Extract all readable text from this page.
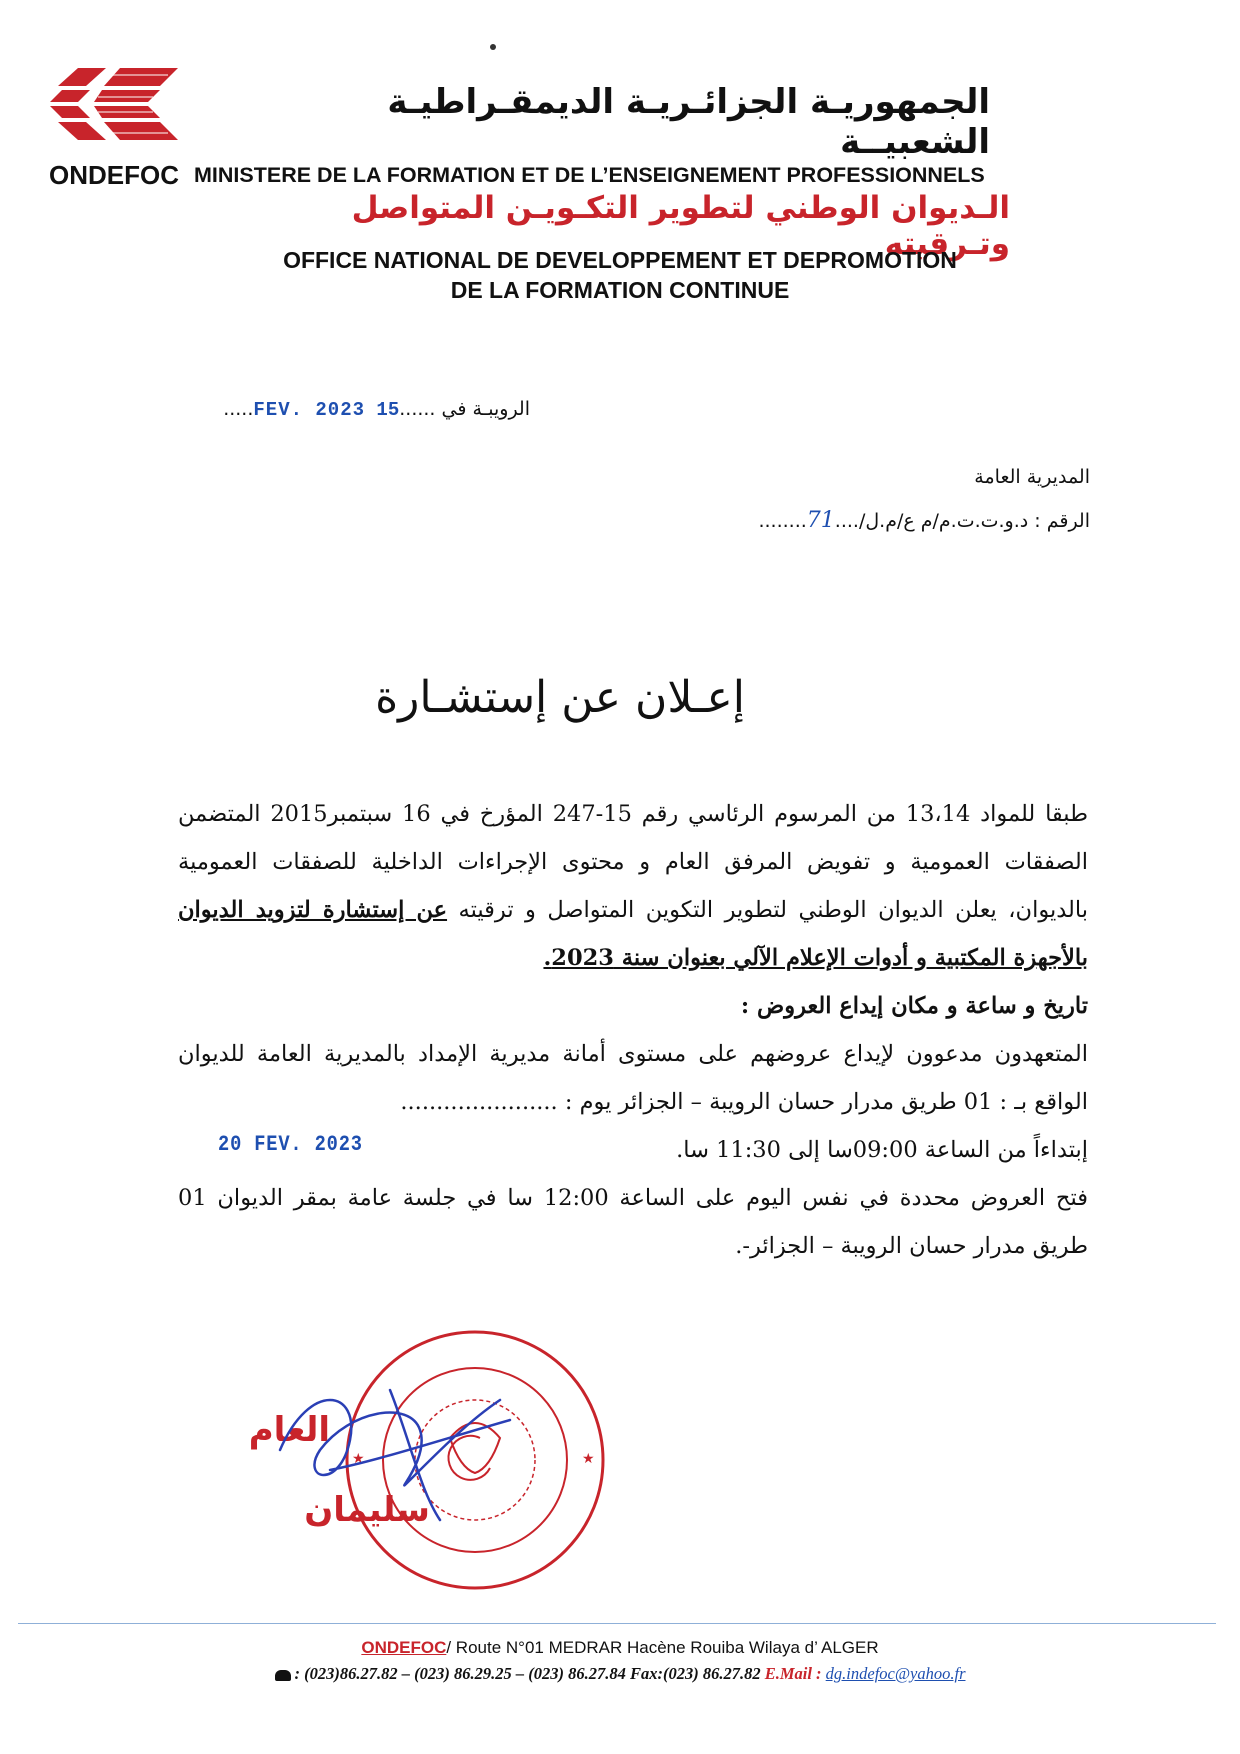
ONDEFOC
الجمهوريـة الجزائـريـة الديمقـراطيـة الشعبيــة
MINISTERE DE LA FORMATION ET DE L’ENSEIGNEMENT PROFESSIONNELS
الـديوان الوطني لتطوير التكـويـن المتواصل وتـرقيته
OFFICE NATIONAL DE DEVELOPPEMENT ET DEPROMOTION
DE LA FORMATION CONTINUE
الرويبـة في ......15 FEV. 2023.....
المديرية العامة
الرقم : د.و.ت.ت.م/م ع/م.ل/....71........
إعـلان عن إستشـارة
طبقا للمواد 13،14 من المرسوم الرئاسي رقم 15-247 المؤرخ في 16 سبتمبر2015 المتضمن الصفقات العمومية و تفويض المرفق العام و محتوى الإجراءات الداخلية للصفقات العمومية بالديوان، يعلن الديوان الوطني لتطوير التكوين المتواصل و ترقيته عن إستشارة لتزويد الديوان بالأجهزة المكتبية و أدوات الإعلام الآلي بعنوان سنة 2023.
تاريخ و ساعة و مكان إيداع العروض :
المتعهدون مدعوون لإيداع عروضهم على مستوى أمانة مديرية الإمداد بالمديرية العامة للديوان الواقع بـ : 01 طريق مدرار حسان الرويبة – الجزائر يوم : ......................
إبتداءاً من الساعة 09:00سا إلى 11:30 سا.
فتح العروض محددة في نفس اليوم على الساعة 12:00 سا في جلسة عامة بمقر الديوان 01 طريق مدرار حسان الرويبة – الجزائر-.
20 FEV. 2023
العام
سليمان
★	★
ONDEFOC/ Route N°01 MEDRAR Hacène Rouiba Wilaya d’ ALGER
: (023)86.27.82 – (023) 86.29.25 – (023) 86.27.84 Fax:(023) 86.27.82 E.Mail : dg.indefoc@yahoo.fr
